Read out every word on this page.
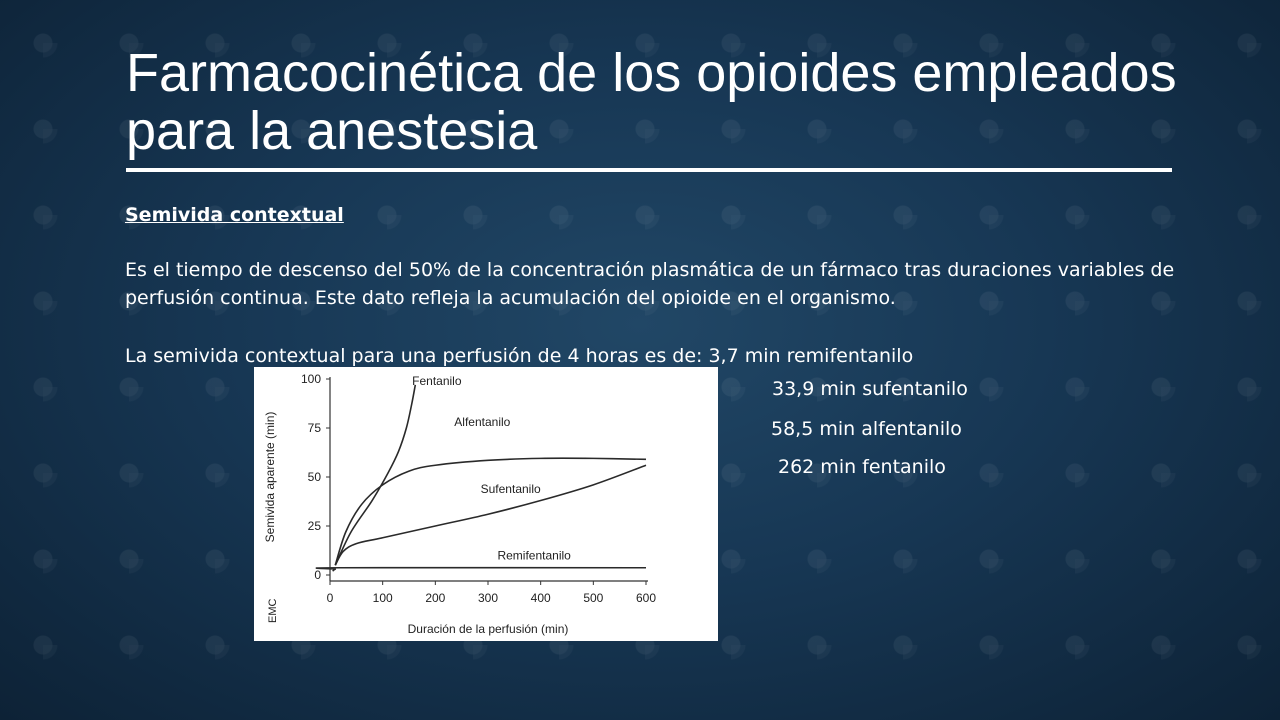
Farmacocinética de los opioides empleados para la anestesia
Semivida contextual

Es el tiempo de descenso del 50% de la concentración plasmática de un fármaco tras duraciones variables de perfusión continua. Este dato refleja la acumulación del opioide en el organismo.

La semivida contextual para una perfusión de 4 horas es de: 3,7 min remifentanilo

33,9 min sufentanilo

58,5 min alfentanilo

262 min fentanilo

0
25
50
75
100
0	100	200	300	400	500	600
Duración de la perfusión (min)
Semivida aparente (min)
Fentanilo
Alfentanilo
Sufentanilo
Remifentanilo
EMC
